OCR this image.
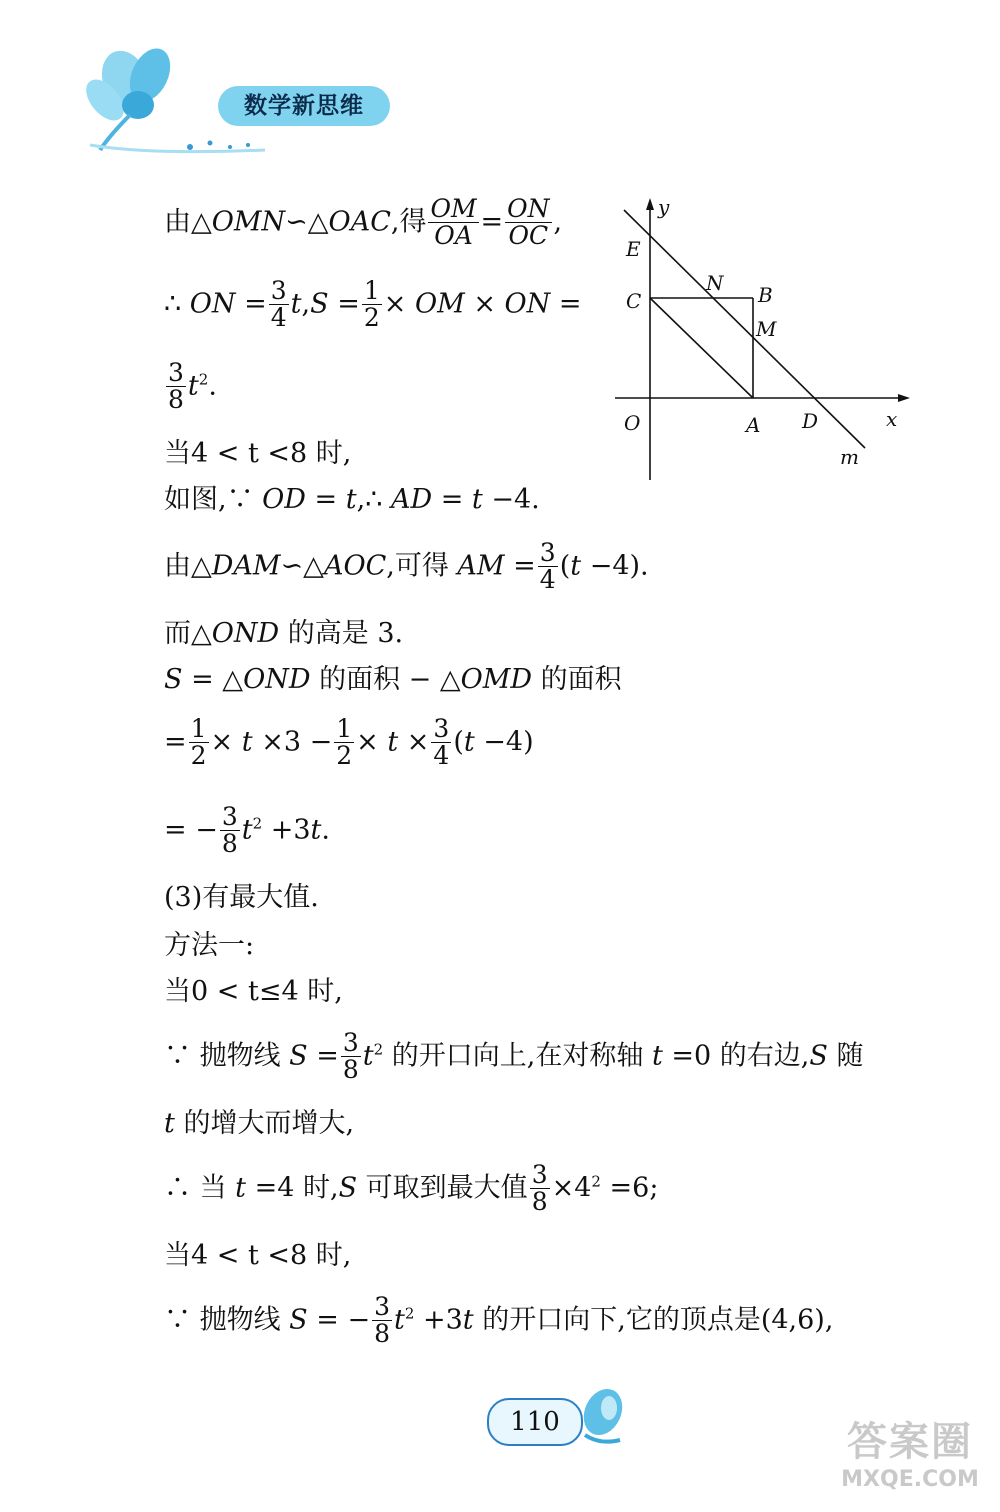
数学新思维
由△OMN∽△OAC,得 $\frac{OM}{OA} = \frac{ON}{OC}$ ,
∴ ON = $\frac{3}{4} t,S = \frac{1}{2}$ × OM × ON =
$\frac{3}{8} t^2$.
当4 < t <8 时,
如图,∵ OD = t,∴ AD = t −4.
由△DAM∽△AOC,可得 AM = $\frac{3}{4} (t -4)$.
而△OND 的高是 3.
S = △OND 的面积 − △OMD 的面积
= $\frac{1}{2} \times t \times 3 - \frac{1}{2} \times t \times \frac{3}{4} (t -4)$
= − $\frac{3}{8} t^2 +3t$.
(3)有最大值.
方法一:
当0 < t≤4 时,
∵ 抛物线 $S = \frac{3}{8} t^2$ 的开口向上,在对称轴 t =0 的右边,S 随
t 的增大而增大,
∴ 当 t =4 时,S 可取到最大值 $\frac{3}{8} \times 4^2 =6$;
当4 < t <8 时,
∵ 抛物线 S = − $\frac{3}{8} t^2 +3t$ 的开口向下,它的顶点是(4,6),
y
x
E
N B
C
M
O	A D
m
110	答案圈
MXQE.COM
